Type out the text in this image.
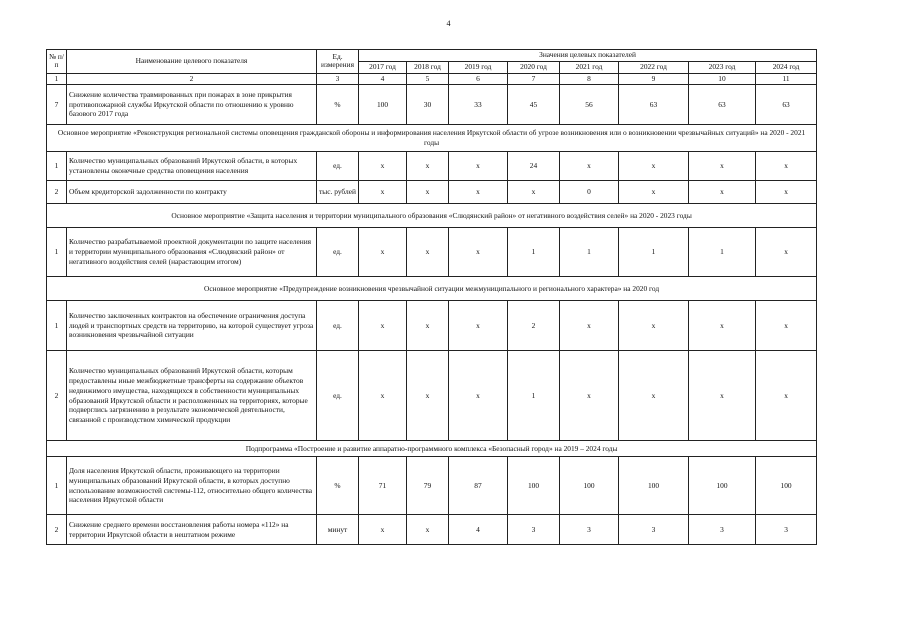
4
№ п/п	Наименование целевого показателя	Ед. измерения	Значения целевых показателей							
			2017 год	2018 год	2019 год	2020 год	2021 год	2022 год	2023 год	2024 год
1	2	3	4	5	6	7	8	9	10	11
7	Снижение количества травмированных при пожарах в зоне прикрытия противопожарной службы Иркутской области по отношению к уровню базового 2017 года	%	100	30	33	45	56	63	63	63
Основное мероприятие «Реконструкция региональной системы оповещения гражданской обороны и информирования населения Иркутской области об угрозе возникновения или о возникновении чрезвычайных ситуаций» на 2020 - 2021 годы										
1	Количество муниципальных образований Иркутской области, в которых установлены оконечные средства оповещения населения	ед.	x	x	x	24	x	x	x	x
2	Объем кредиторской задолженности по контракту	тыс. рублей	x	x	x	x	0	x	x	x
Основное мероприятие «Защита населения и территории муниципального образования «Слюдянский район» от негативного воздействия селей» на 2020 - 2023 годы										
1	Количество разрабатываемой проектной документации по защите населения и территории муниципального образования «Слюдянский район» от негативного воздействия селей (нарастающим итогом)	ед.	x	x	x	1	1	1	1	x
Основное мероприятие «Предупреждение возникновения чрезвычайной ситуации межмуниципального и регионального характера» на 2020 год										
1	Количество заключенных контрактов на обеспечение ограничения доступа людей и транспортных средств на территорию, на которой существует угроза возникновения чрезвычайной ситуации	ед.	x	x	x	2	x	x	x	x
2	Количество муниципальных образований Иркутской области, которым предоставлены иные межбюджетные трансферты на содержание объектов недвижимого имущества, находящихся в собственности муниципальных образований Иркутской области и расположенных на территориях, которые подверглись загрязнению в результате экономической деятельности, связанной с производством химической продукции	ед.	x	x	x	1	x	x	x	x
Подпрограмма «Построение и развитие аппаратно-программного комплекса «Безопасный город» на 2019 – 2024 годы										
1	Доля населения Иркутской области, проживающего на территории муниципальных образований Иркутской области, в которых доступно использование возможностей системы-112, относительно общего количества населения Иркутской области	%	71	79	87	100	100	100	100	100
2	Снижение среднего времени восстановления работы номера «112» на территории Иркутской области в нештатном режиме	минут	x	x	4	3	3	3	3	3
